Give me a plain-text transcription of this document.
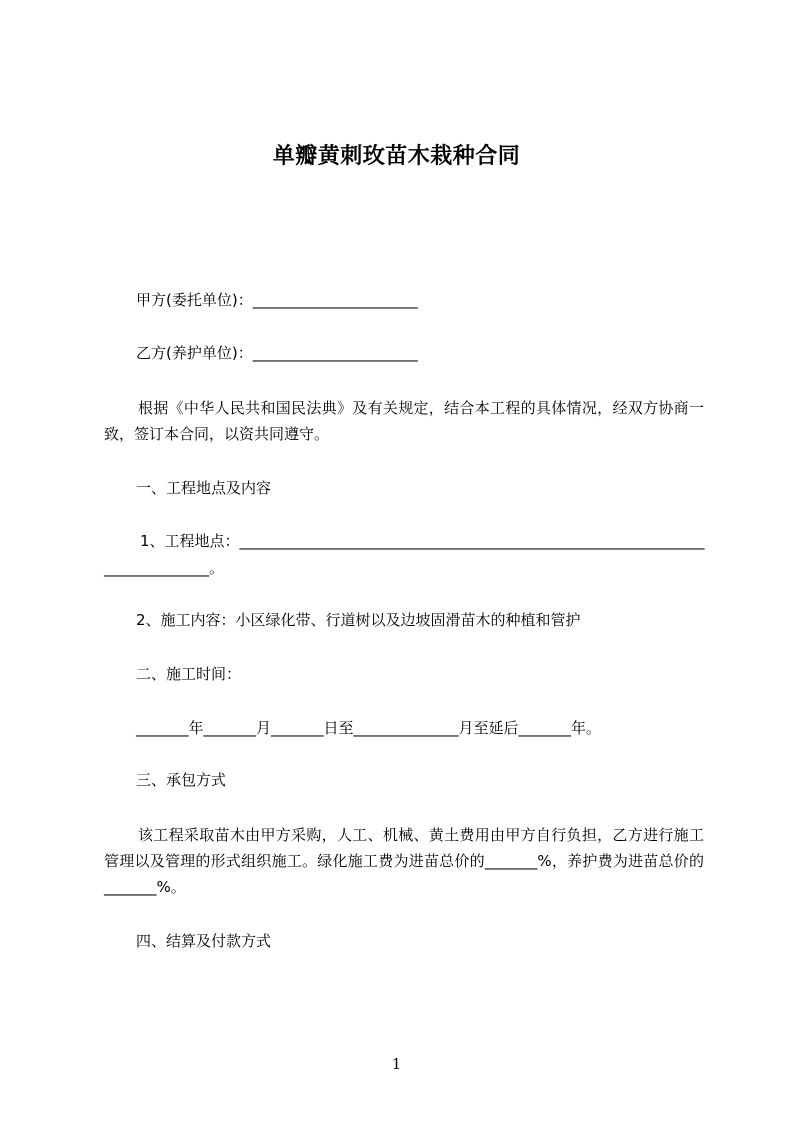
单瓣黄刺玫苗木栽种合同
甲方(委托单位)：______________________
乙方(养护单位)：______________________
根据《中华人民共和国民法典》及有关规定，结合本工程的具体情况，经双方协商一致，签订本合同，以资共同遵守。
一、工程地点及内容
1、工程地点：______________________________________________________________
______________。
2、施工内容：小区绿化带、行道树以及边坡固滑苗木的种植和管护
二、施工时间：
_______年_______月_______日至______________月至延后_______年。
三、承包方式
该工程采取苗木由甲方采购，人工、机械、黄土费用由甲方自行负担，乙方进行施工管理以及管理的形式组织施工。绿化施工费为进苗总价的_______%，养护费为进苗总价的_______%。
四、结算及付款方式
1
